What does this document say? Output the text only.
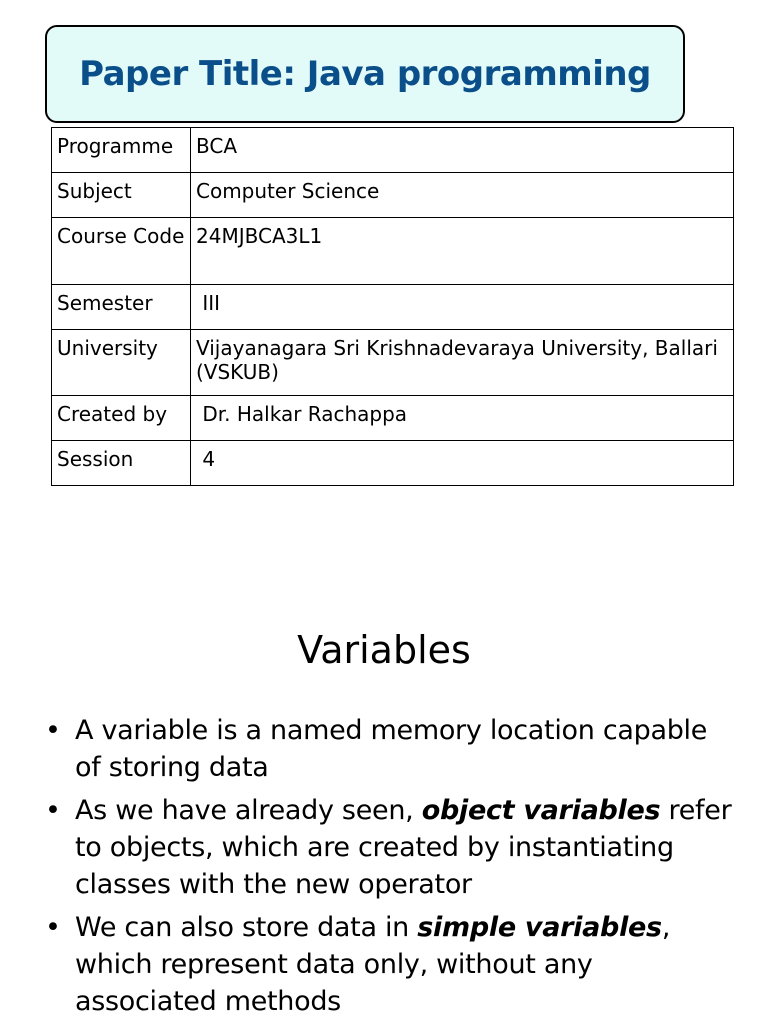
Paper Title: Java programming
Programme	BCA
Subject	Computer Science
Course Code	24MJBCA3L1
Semester	III
University	Vijayanagara Sri Krishnadevaraya University, Ballari (VSKUB)
Created by	Dr. Halkar Rachappa
Session	4
Variables
• A variable is a named memory location capable of storing data
• As we have already seen, object variables refer to objects, which are created by instantiating classes with the new operator
• We can also store data in simple variables, which represent data only, without any associated methods
